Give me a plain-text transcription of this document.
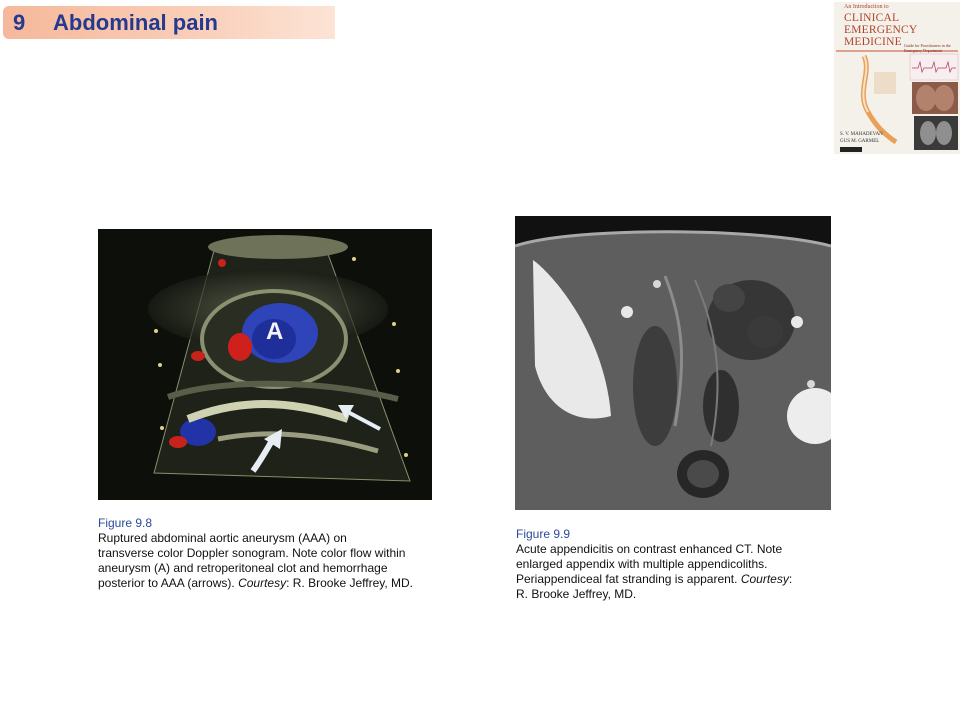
9 Abdominal pain
An Introduction to
CLINICAL
EMERGENCY
MEDICINE Guide for Practitioners in the Emergency Department
S. V. MAHADEVAN
GUS M. GARMEL
A
Figure 9.8
Ruptured abdominal aortic aneurysm (AAA) on
transverse color Doppler sonogram. Note color flow within
aneurysm (A) and retroperitoneal clot and hemorrhage
posterior to AAA (arrows). Courtesy: R. Brooke Jeffrey, MD.
Figure 9.9
Acute appendicitis on contrast enhanced CT. Note
enlarged appendix with multiple appendicoliths.
Periappendiceal fat stranding is apparent. Courtesy:
R. Brooke Jeffrey, MD.
